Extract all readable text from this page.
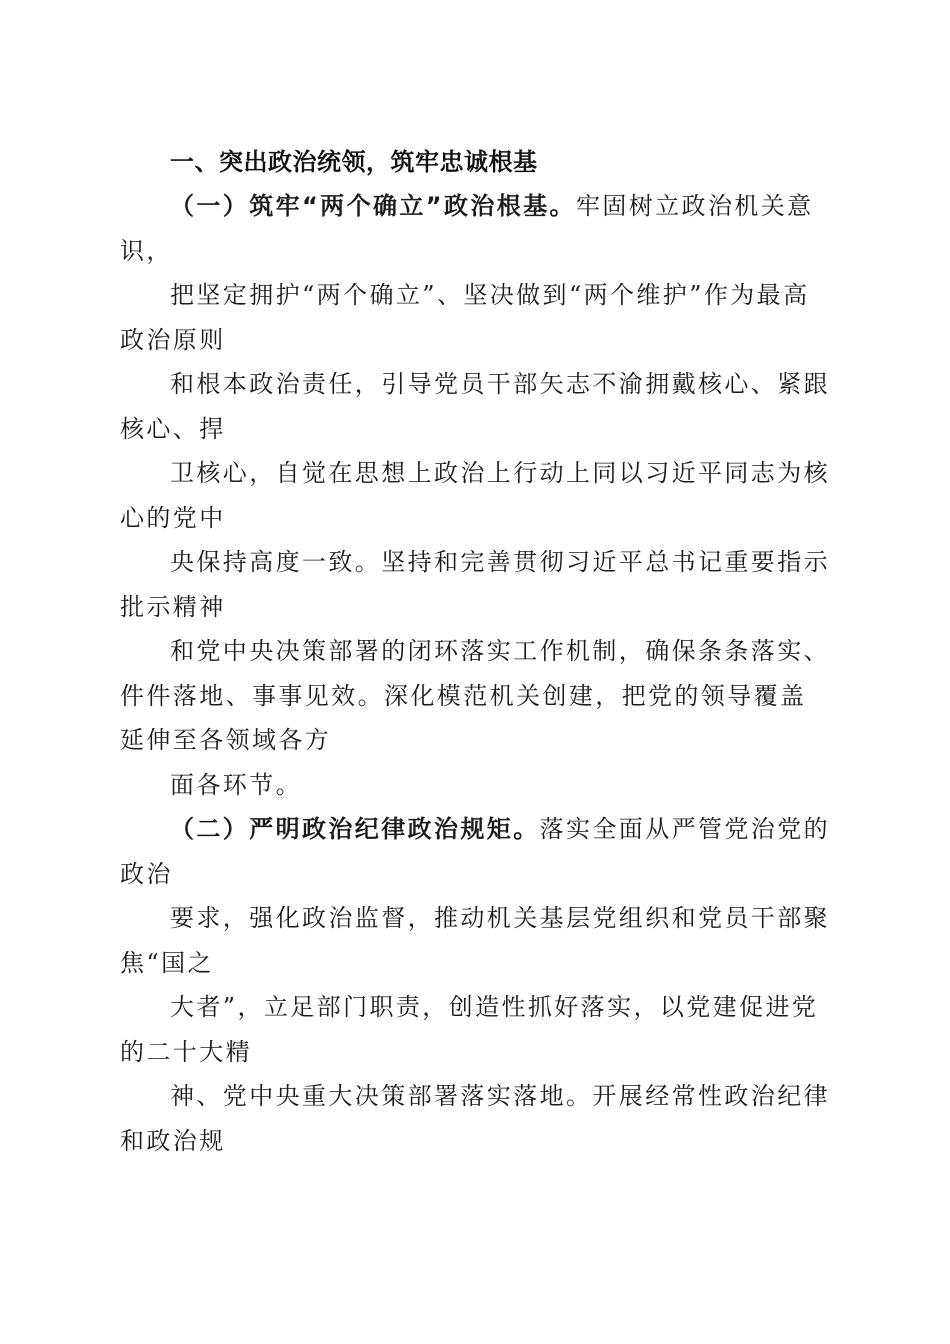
一、突出政治统领，筑牢忠诚根基

（一）筑牢“两个确立”政治根基。牢固树立政治机关意识，

把坚定拥护“两个确立”、坚决做到“两个维护”作为最高政治原则

和根本政治责任，引导党员干部矢志不渝拥戴核心、紧跟核心、捍

卫核心，自觉在思想上政治上行动上同以习近平同志为核心的党中

央保持高度一致。坚持和完善贯彻习近平总书记重要指示批示精神

和党中央决策部署的闭环落实工作机制，确保条条落实、件件落地、事事见效。深化模范机关创建，把党的领导覆盖延伸至各领域各方

面各环节。

（二）严明政治纪律政治规矩。落实全面从严管党治党的政治

要求，强化政治监督，推动机关基层党组织和党员干部聚焦“国之

大者”，立足部门职责，创造性抓好落实，以党建促进党的二十大精

神、党中央重大决策部署落实落地。开展经常性政治纪律和政治规
